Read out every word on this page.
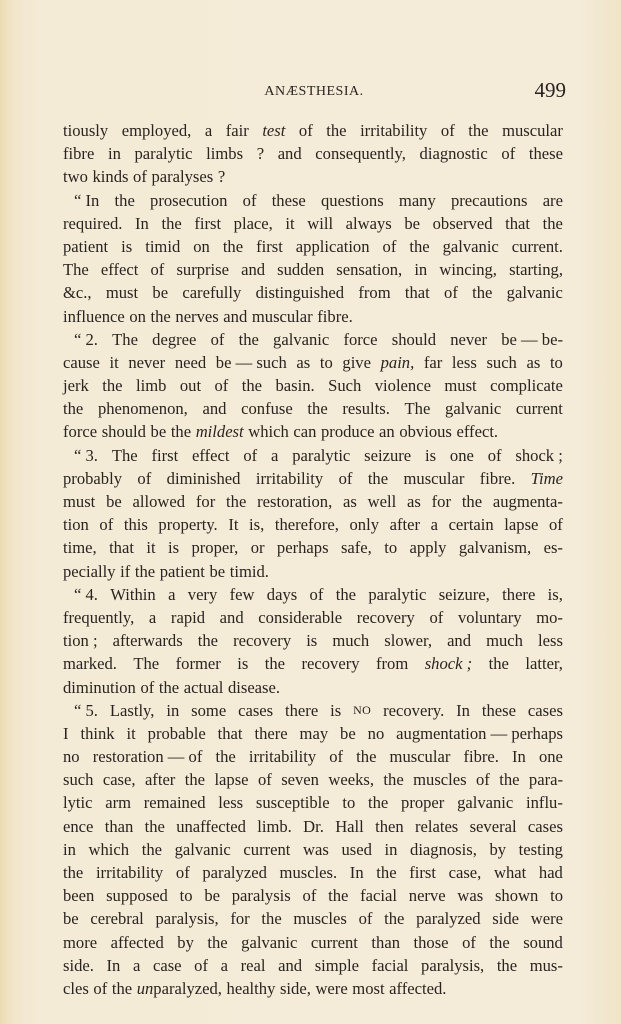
ANÆSTHESIA.	499
tiously employed, a fair test of the irritability of the muscular
fibre in paralytic limbs ? and consequently, diagnostic of these
two kinds of paralyses ?
“ In the prosecution of these questions many precautions are
required. In the first place, it will always be observed that the
patient is timid on the first application of the galvanic current.
The effect of surprise and sudden sensation, in wincing, starting,
&c., must be carefully distinguished from that of the galvanic
influence on the nerves and muscular fibre.
“ 2. The degree of the galvanic force should never be — be-
cause it never need be — such as to give pain, far less such as to
jerk the limb out of the basin. Such violence must complicate
the phenomenon, and confuse the results. The galvanic current
force should be the mildest which can produce an obvious effect.
“ 3. The first effect of a paralytic seizure is one of shock ;
probably of diminished irritability of the muscular fibre. Time
must be allowed for the restoration, as well as for the augmenta-
tion of this property. It is, therefore, only after a certain lapse of
time, that it is proper, or perhaps safe, to apply galvanism, es-
pecially if the patient be timid.
“ 4. Within a very few days of the paralytic seizure, there is,
frequently, a rapid and considerable recovery of voluntary mo-
tion ; afterwards the recovery is much slower, and much less
marked. The former is the recovery from shock ; the latter,
diminution of the actual disease.
“ 5. Lastly, in some cases there is NO recovery. In these cases
I think it probable that there may be no augmentation — perhaps
no restoration — of the irritability of the muscular fibre. In one
such case, after the lapse of seven weeks, the muscles of the para-
lytic arm remained less susceptible to the proper galvanic influ-
ence than the unaffected limb. Dr. Hall then relates several cases
in which the galvanic current was used in diagnosis, by testing
the irritability of paralyzed muscles. In the first case, what had
been supposed to be paralysis of the facial nerve was shown to
be cerebral paralysis, for the muscles of the paralyzed side were
more affected by the galvanic current than those of the sound
side. In a case of a real and simple facial paralysis, the mus-
cles of the unparalyzed, healthy side, were most affected.
